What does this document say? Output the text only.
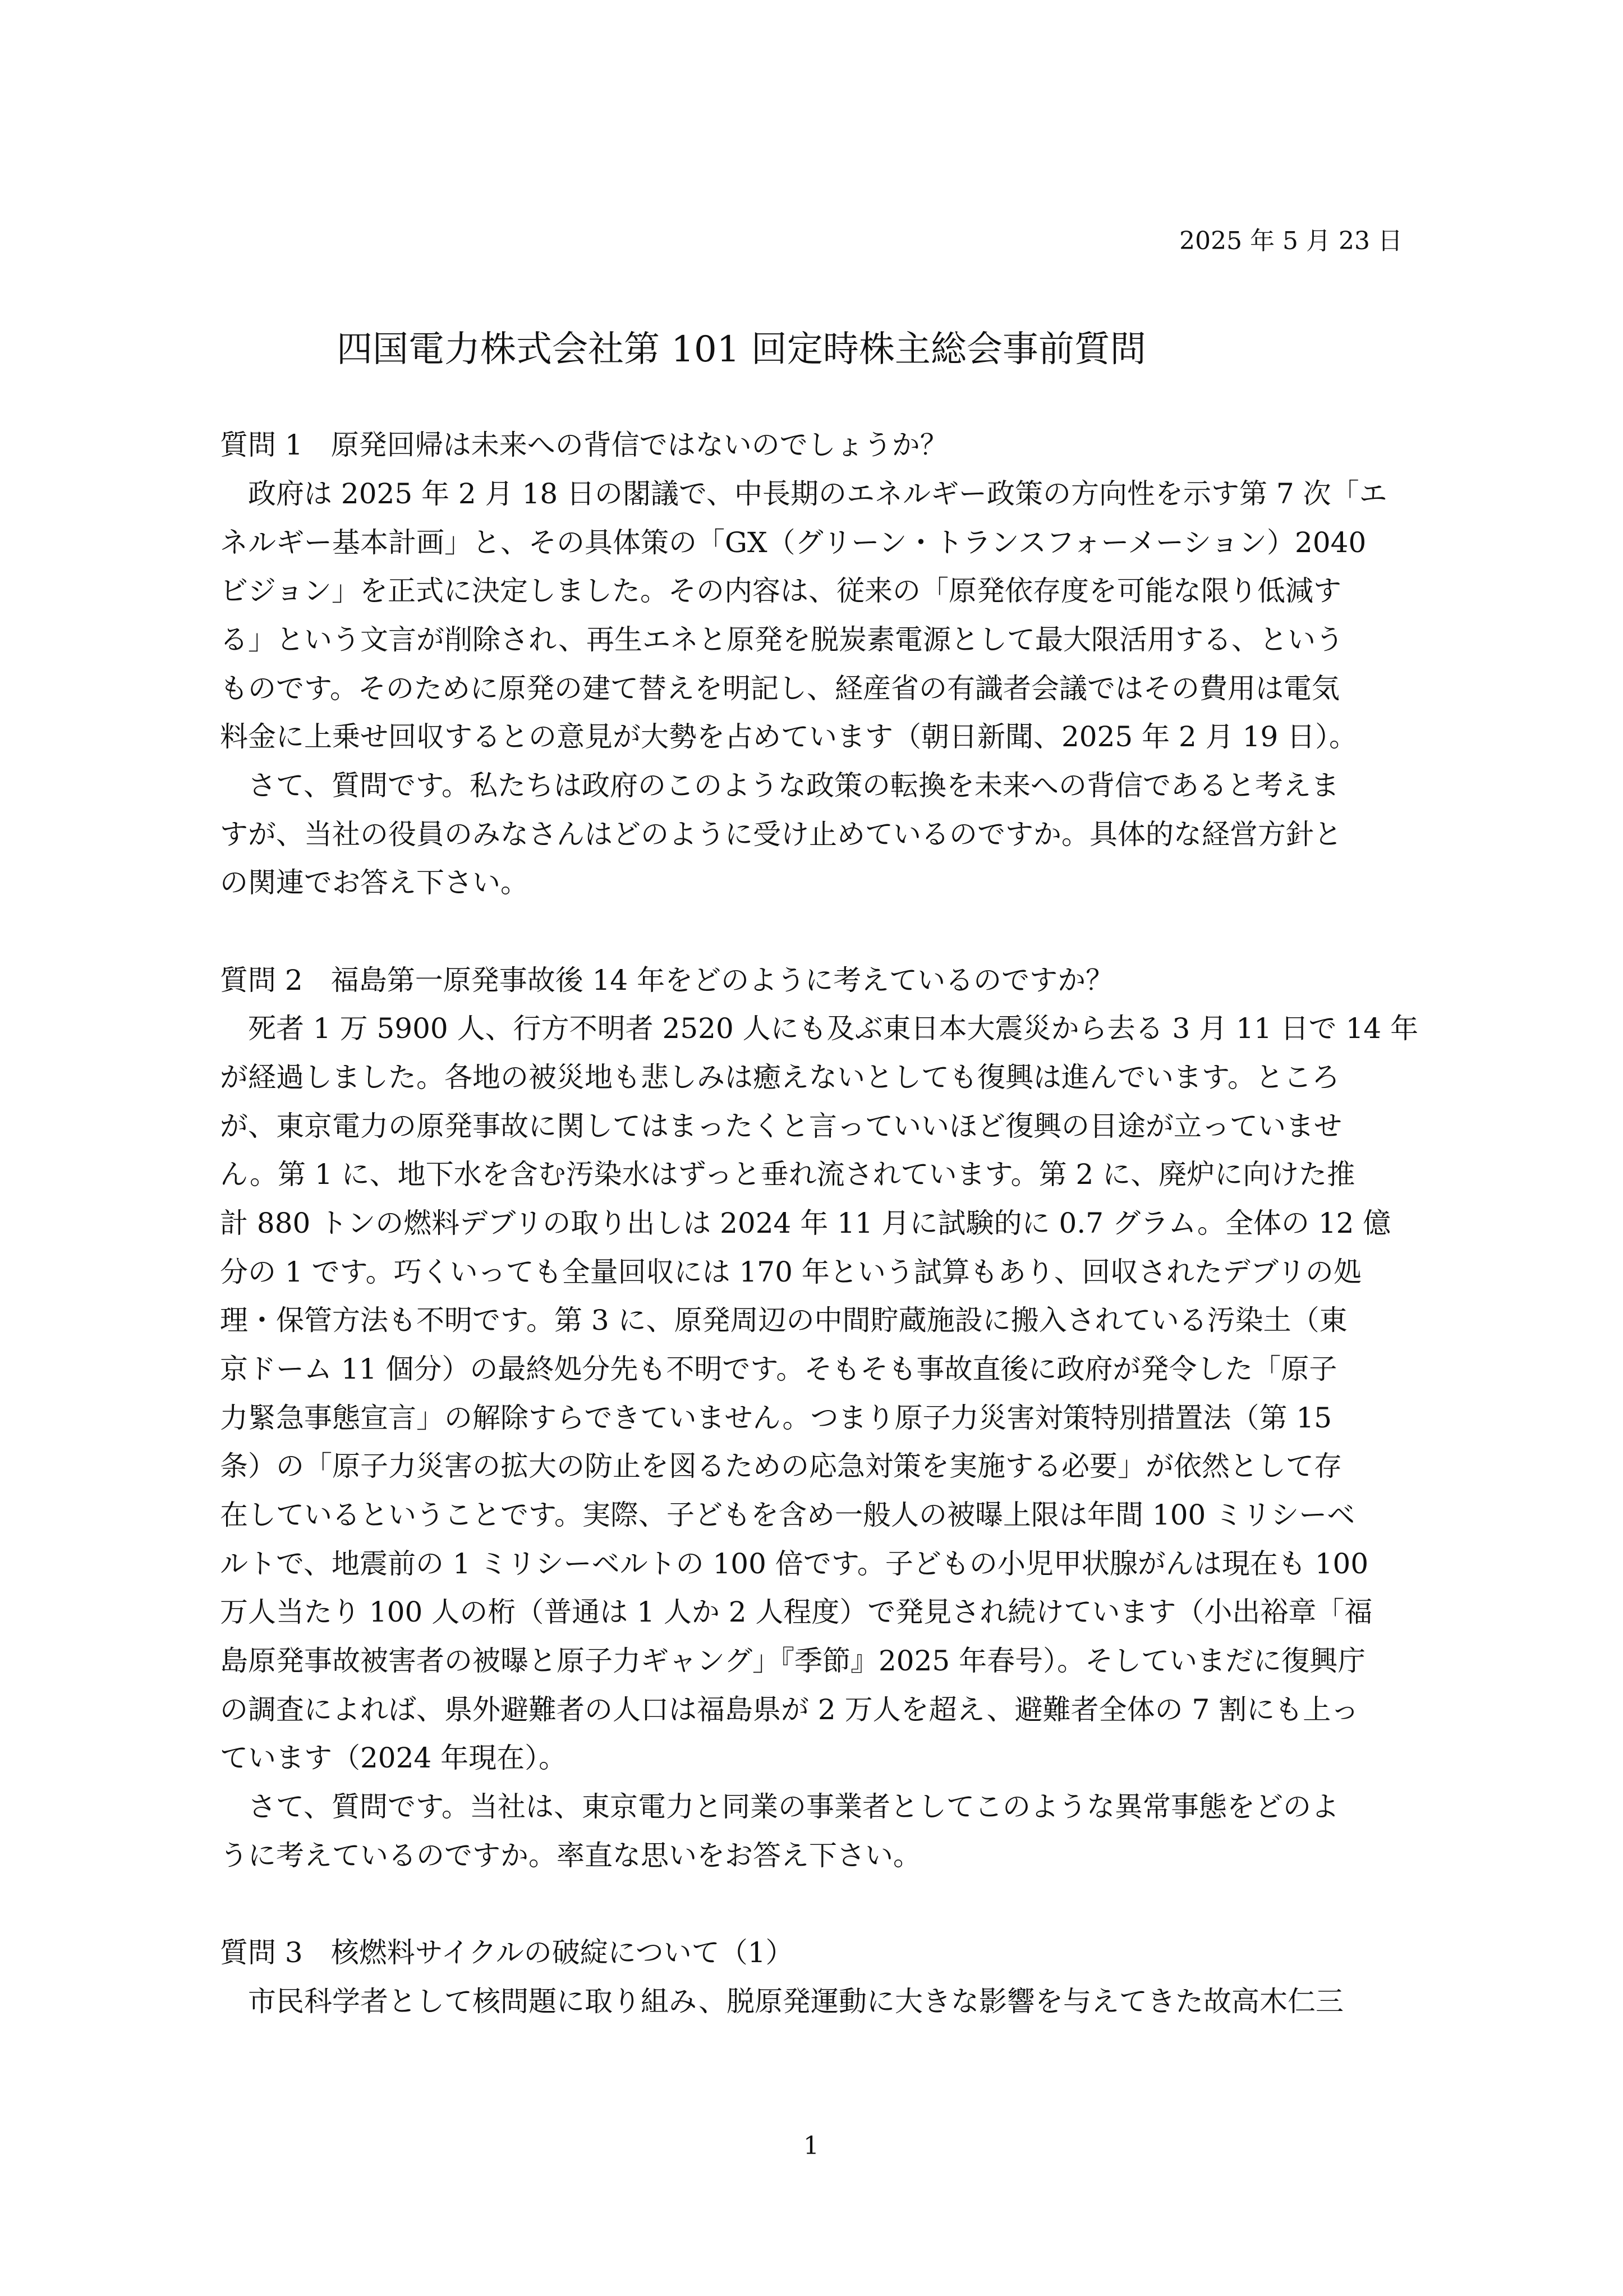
2025 年 5 月 23 日
四国電力株式会社第 101 回定時株主総会事前質問
質問 1　原発回帰は未来への背信ではないのでしょうか？
政府は 2025 年 2 月 18 日の閣議で、中長期のエネルギー政策の方向性を示す第 7 次「エ
ネルギー基本計画」と、その具体策の「GX（グリーン・トランスフォーメーション）2040
ビジョン」を正式に決定しました。その内容は、従来の「原発依存度を可能な限り低減す
る」という文言が削除され、再生エネと原発を脱炭素電源として最大限活用する、という
ものです。そのために原発の建て替えを明記し、経産省の有識者会議ではその費用は電気
料金に上乗せ回収するとの意見が大勢を占めています（朝日新聞、2025 年 2 月 19 日）。
さて、質問です。私たちは政府のこのような政策の転換を未来への背信であると考えま
すが、当社の役員のみなさんはどのように受け止めているのですか。具体的な経営方針と
の関連でお答え下さい。
質問 2　福島第一原発事故後 14 年をどのように考えているのですか？
死者 1 万 5900 人、行方不明者 2520 人にも及ぶ東日本大震災から去る 3 月 11 日で 14 年
が経過しました。各地の被災地も悲しみは癒えないとしても復興は進んでいます。ところ
が、東京電力の原発事故に関してはまったくと言っていいほど復興の目途が立っていませ
ん。第 1 に、地下水を含む汚染水はずっと垂れ流されています。第 2 に、廃炉に向けた推
計 880 トンの燃料デブリの取り出しは 2024 年 11 月に試験的に 0.7 グラム。全体の 12 億
分の 1 です。巧くいっても全量回収には 170 年という試算もあり、回収されたデブリの処
理・保管方法も不明です。第 3 に、原発周辺の中間貯蔵施設に搬入されている汚染土（東
京ドーム 11 個分）の最終処分先も不明です。そもそも事故直後に政府が発令した「原子
力緊急事態宣言」の解除すらできていません。つまり原子力災害対策特別措置法（第 15
条）の「原子力災害の拡大の防止を図るための応急対策を実施する必要」が依然として存
在しているということです。実際、子どもを含め一般人の被曝上限は年間 100 ミリシーベ
ルトで、地震前の 1 ミリシーベルトの 100 倍です。子どもの小児甲状腺がんは現在も 100
万人当たり 100 人の桁（普通は 1 人か 2 人程度）で発見され続けています（小出裕章「福
島原発事故被害者の被曝と原子力ギャング」『季節』2025 年春号）。そしていまだに復興庁
の調査によれば、県外避難者の人口は福島県が 2 万人を超え、避難者全体の 7 割にも上っ
ています（2024 年現在）。
さて、質問です。当社は、東京電力と同業の事業者としてこのような異常事態をどのよ
うに考えているのですか。率直な思いをお答え下さい。
質問 3　核燃料サイクルの破綻について（1）
市民科学者として核問題に取り組み、脱原発運動に大きな影響を与えてきた故高木仁三
1
